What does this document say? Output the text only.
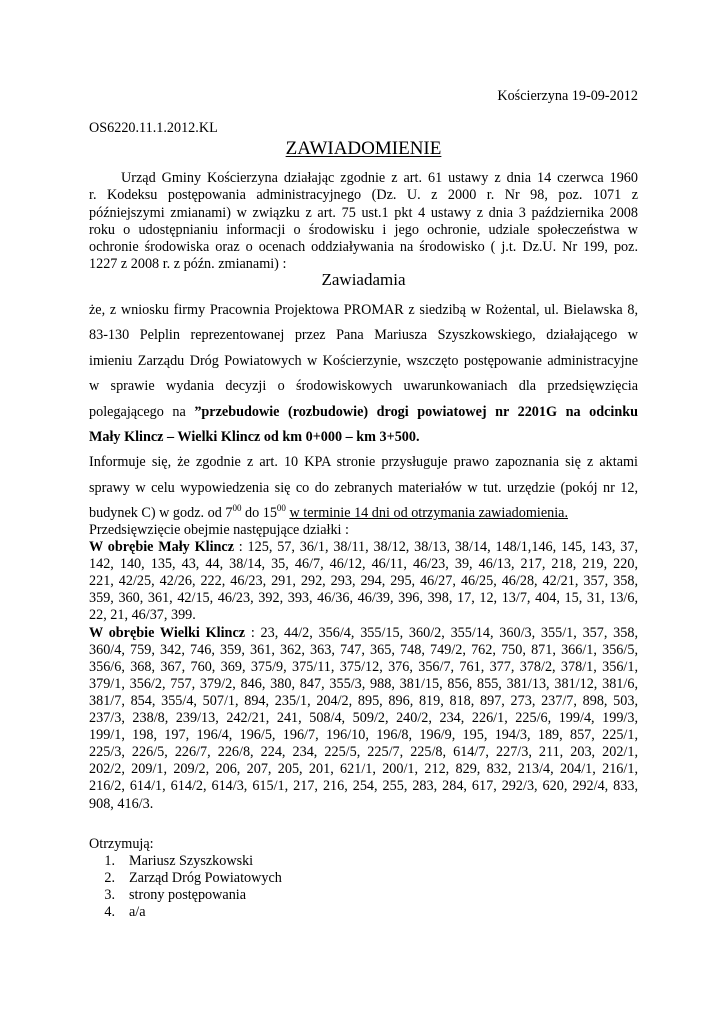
Kościerzyna 19-09-2012
OS6220.11.1.2012.KL
ZAWIADOMIENIE
Urząd Gminy Kościerzyna działając zgodnie z art. 61 ustawy z dnia 14 czerwca 1960
r. Kodeksu postępowania administracyjnego (Dz. U. z 2000 r. Nr 98, poz. 1071 z
późniejszymi zmianami) w związku z art. 75 ust.1 pkt 4 ustawy z dnia 3 października 2008
roku o udostępnianiu informacji o środowisku i jego ochronie, udziale społeczeństwa w
ochronie środowiska oraz o ocenach oddziaływania na środowisko ( j.t. Dz.U. Nr 199, poz.
1227 z 2008 r. z późn. zmianami) :
Zawiadamia
że, z wniosku firmy Pracownia Projektowa PROMAR z siedzibą w Rożental, ul. Bielawska 8,
83-130 Pelplin reprezentowanej przez Pana Mariusza Szyszkowskiego, działającego w
imieniu Zarządu Dróg Powiatowych w Kościerzynie, wszczęto postępowanie administracyjne
w sprawie wydania decyzji o środowiskowych uwarunkowaniach dla przedsięwzięcia
polegającego na ”przebudowie (rozbudowie) drogi powiatowej nr 2201G na odcinku
Mały Klincz – Wielki Klincz od km 0+000 – km 3+500.
Informuje się, że zgodnie z art. 10 KPA stronie przysługuje prawo zapoznania się z aktami
sprawy w celu wypowiedzenia się co do zebranych materiałów w tut. urzędzie (pokój nr 12,
budynek C) w godz. od $7^{00}$ do $15^{00}$ w terminie 14 dni od otrzymania zawiadomienia.
Przedsięwzięcie obejmie następujące działki :
W obrębie Mały Klincz : 125, 57, 36/1, 38/11, 38/12, 38/13, 38/14, 148/1,146, 145, 143, 37,
142, 140, 135, 43, 44, 38/14, 35, 46/7, 46/12, 46/11, 46/23, 39, 46/13, 217, 218, 219, 220,
221, 42/25, 42/26, 222, 46/23, 291, 292, 293, 294, 295, 46/27, 46/25, 46/28, 42/21, 357, 358,
359, 360, 361, 42/15, 46/23, 392, 393, 46/36, 46/39, 396, 398, 17, 12, 13/7, 404, 15, 31, 13/6,
22, 21, 46/37, 399.
W obrębie Wielki Klincz : 23, 44/2, 356/4, 355/15, 360/2, 355/14, 360/3, 355/1, 357, 358,
360/4, 759, 342, 746, 359, 361, 362, 363, 747, 365, 748, 749/2, 762, 750, 871, 366/1, 356/5,
356/6, 368, 367, 760, 369, 375/9, 375/11, 375/12, 376, 356/7, 761, 377, 378/2, 378/1, 356/1,
379/1, 356/2, 757, 379/2, 846, 380, 847, 355/3, 988, 381/15, 856, 855, 381/13, 381/12, 381/6,
381/7, 854, 355/4, 507/1, 894, 235/1, 204/2, 895, 896, 819, 818, 897, 273, 237/7, 898, 503,
237/3, 238/8, 239/13, 242/21, 241, 508/4, 509/2, 240/2, 234, 226/1, 225/6, 199/4, 199/3,
199/1, 198, 197, 196/4, 196/5, 196/7, 196/10, 196/8, 196/9, 195, 194/3, 189, 857, 225/1,
225/3, 226/5, 226/7, 226/8, 224, 234, 225/5, 225/7, 225/8, 614/7, 227/3, 211, 203, 202/1,
202/2, 209/1, 209/2, 206, 207, 205, 201, 621/1, 200/1, 212, 829, 832, 213/4, 204/1, 216/1,
216/2, 614/1, 614/2, 614/3, 615/1, 217, 216, 254, 255, 283, 284, 617, 292/3, 620, 292/4, 833,
908, 416/3.
Otrzymują:
1. Mariusz Szyszkowski
2. Zarząd Dróg Powiatowych
3. strony postępowania
4. a/a
